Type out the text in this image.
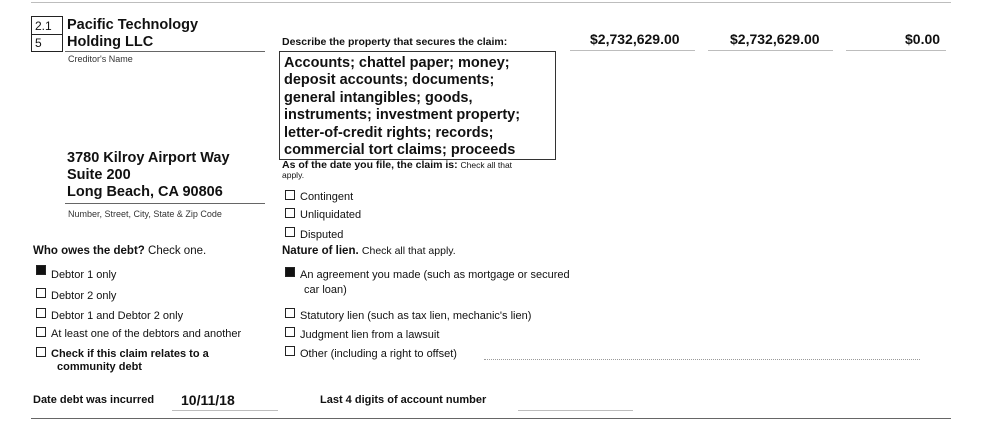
2.1
5
Pacific Technology
Holding LLC
Creditor's Name
Describe the property that secures the claim:
Accounts; chattel paper; money;
deposit accounts; documents;
general intangibles; goods,
instruments; investment property;
letter-of-credit rights; records;
commercial tort claims; proceeds
$2,732,629.00	$2,732,629.00	$0.00
3780 Kilroy Airport Way
Suite 200
Long Beach, CA 90806
Number, Street, City, State & Zip Code
As of the date you file, the claim is: Check all that
apply.
Contingent
Unliquidated
Disputed
Who owes the debt? Check one.
Debtor 1 only
Debtor 2 only
Debtor 1 and Debtor 2 only
At least one of the debtors and another
Check if this claim relates to a
community debt
Nature of lien. Check all that apply.
An agreement you made (such as mortgage or secured
car loan)
Statutory lien (such as tax lien, mechanic's lien)
Judgment lien from a lawsuit
Other (including a right to offset)
Date debt was incurred 10/11/18	Last 4 digits of account number
